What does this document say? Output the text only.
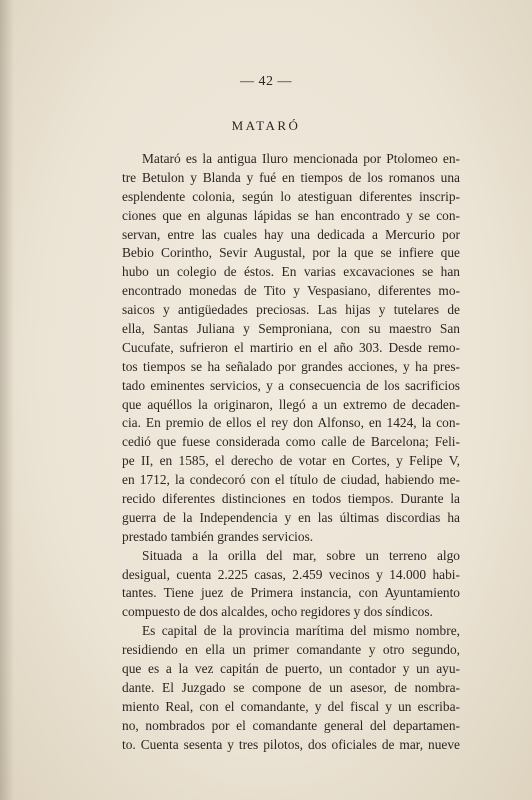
— 42 —
MATARÓ
Mataró es la antigua Iluro mencionada por Ptolomeo en-
tre Betulon y Blanda y fué en tiempos de los romanos una
esplendente colonia, según lo atestiguan diferentes inscrip-
ciones que en algunas lápidas se han encontrado y se con-
servan, entre las cuales hay una dedicada a Mercurio por
Bebio Corintho, Sevir Augustal, por la que se infiere que
hubo un colegio de éstos. En varias excavaciones se han
encontrado monedas de Tito y Vespasiano, diferentes mo-
saicos y antigüedades preciosas. Las hijas y tutelares de
ella, Santas Juliana y Semproniana, con su maestro San
Cucufate, sufrieron el martirio en el año 303. Desde remo-
tos tiempos se ha señalado por grandes acciones, y ha pres-
tado eminentes servicios, y a consecuencia de los sacrificios
que aquéllos la originaron, llegó a un extremo de decaden-
cia. En premio de ellos el rey don Alfonso, en 1424, la con-
cedió que fuese considerada como calle de Barcelona; Feli-
pe II, en 1585, el derecho de votar en Cortes, y Felipe V,
en 1712, la condecoró con el título de ciudad, habiendo me-
recido diferentes distinciones en todos tiempos. Durante la
guerra de la Independencia y en las últimas discordias ha
prestado también grandes servicios.
Situada a la orilla del mar, sobre un terreno algo
desigual, cuenta 2.225 casas, 2.459 vecinos y 14.000 habi-
tantes. Tiene juez de Primera instancia, con Ayuntamiento
compuesto de dos alcaldes, ocho regidores y dos síndicos.
Es capital de la provincia marítima del mismo nombre,
residiendo en ella un primer comandante y otro segundo,
que es a la vez capitán de puerto, un contador y un ayu-
dante. El Juzgado se compone de un asesor, de nombra-
miento Real, con el comandante, y del fiscal y un escriba-
no, nombrados por el comandante general del departamen-
to. Cuenta sesenta y tres pilotos, dos oficiales de mar, nueve
